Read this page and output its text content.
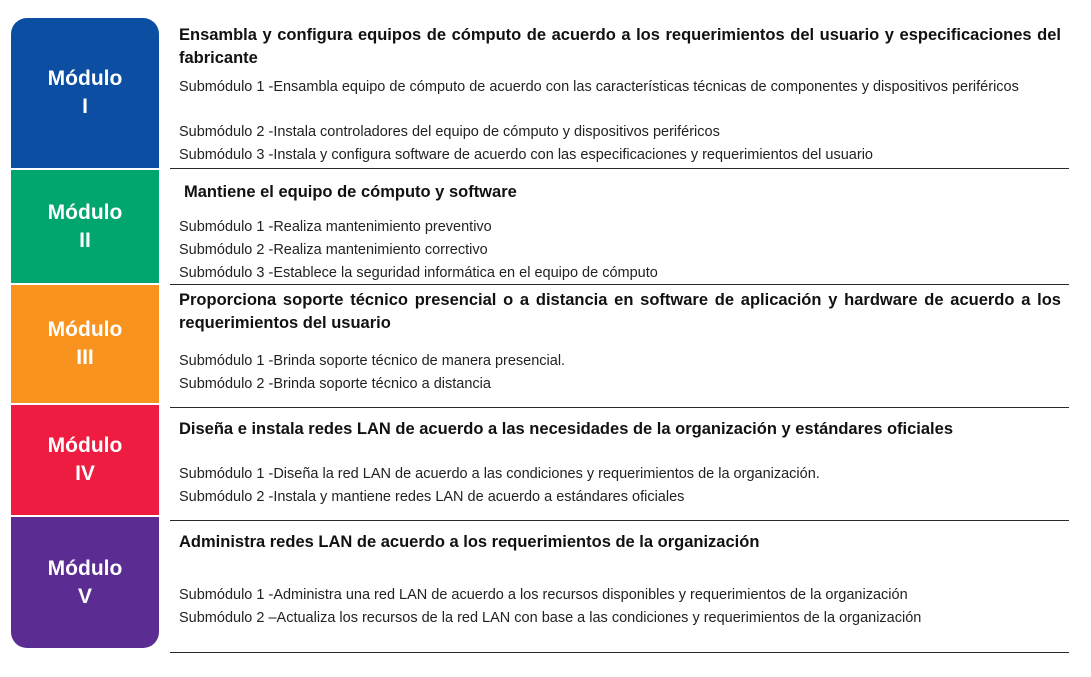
Módulo
I
Módulo
II
Módulo
III
Módulo
IV
Módulo
V
Ensambla y configura equipos de cómputo de acuerdo a los requerimientos del usuario y especificaciones del fabricante
Submódulo 1 - Ensambla equipo de cómputo de acuerdo con las características técnicas de componentes y dispositivos periféricos
Submódulo 2 - Instala controladores del equipo de cómputo y dispositivos periféricos
Submódulo 3 - Instala y configura software de acuerdo con las especificaciones y requerimientos del usuario
Mantiene el equipo de cómputo y software
Submódulo 1 - Realiza mantenimiento preventivo
Submódulo 2 - Realiza mantenimiento correctivo
Submódulo 3 - Establece la seguridad informática en el equipo de cómputo
Proporciona soporte técnico presencial o a distancia en software de aplicación y hardware de acuerdo a los requerimientos del usuario
Submódulo 1 - Brinda soporte técnico de manera presencial.
Submódulo 2 - Brinda soporte técnico a distancia
Diseña e instala redes LAN de acuerdo a las necesidades de la organización y estándares oficiales
Submódulo 1 - Diseña la red LAN de acuerdo a las condiciones y requerimientos de la organización.
Submódulo 2 - Instala y mantiene redes LAN de acuerdo a estándares oficiales
Administra redes LAN de acuerdo a los requerimientos de la organización
Submódulo 1 - Administra una red LAN de acuerdo a los recursos disponibles y requerimientos de la organización
Submódulo 2 – Actualiza los recursos de la red LAN con base a las condiciones y requerimientos de la organización
